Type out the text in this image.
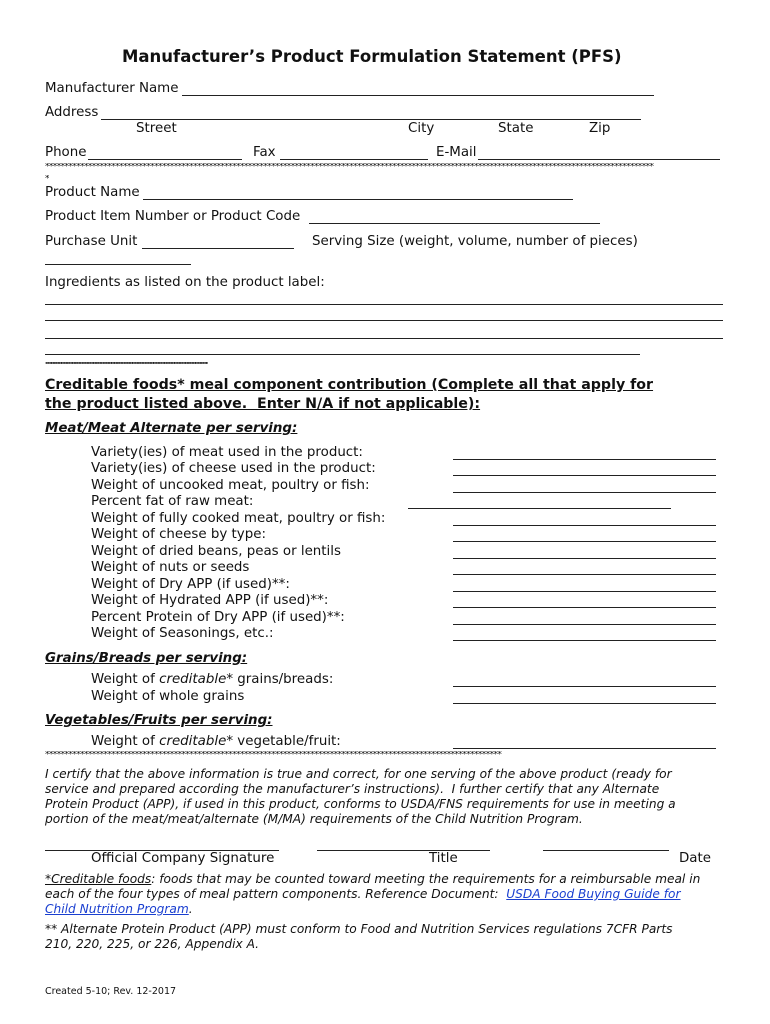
Manufacturer’s Product Formulation Statement (PFS)
Manufacturer Name
Address
Street	City	State	Zip
Phone	Fax	E-Mail
************************************************************************************************************************************************************
*
Product Name
Product Item Number or Product Code
Purchase Unit	Serving Size (weight, volume, number of pieces)
Ingredients as listed on the product label:
''''''''''''''''''''''''''''''''''''''''''''''''''''''''''''''''''''''''''''''''''''''''''''''''''''''''''''''''''''''''''''''''''''''''''''''''''''''''''''''''''''''''''''''''''''''''''''''''''''''''''''''''''''''''''''''''
Creditable foods* meal component contribution (Complete all that apply for
the product listed above.  Enter N/A if not applicable):
Meat/Meat Alternate per serving:
Variety(ies) of meat used in the product:
Variety(ies) of cheese used in the product:
Weight of uncooked meat, poultry or fish:
Percent fat of raw meat:
Weight of fully cooked meat, poultry or fish:
Weight of cheese by type:
Weight of dried beans, peas or lentils
Weight of nuts or seeds
Weight of Dry APP (if used)**:
Weight of Hydrated APP (if used)**:
Percent Protein of Dry APP (if used)**:
Weight of Seasonings, etc.:
Grains/Breads per serving:
Weight of creditable* grains/breads:
Weight of whole grains
Vegetables/Fruits per serving:
Weight of creditable* vegetable/fruit:
*********************************************************************************************************************
I certify that the above information is true and correct, for one serving of the above product (ready for
service and prepared according the manufacturer’s instructions).  I further certify that any Alternate
Protein Product (APP), if used in this product, conforms to USDA/FNS requirements for use in meeting a
portion of the meat/meat/alternate (M/MA) requirements of the Child Nutrition Program.
Official Company Signature	Title	Date
*Creditable foods: foods that may be counted toward meeting the requirements for a reimbursable meal in
each of the four types of meal pattern components. Reference Document:  USDA Food Buying Guide for
Child Nutrition Program.
** Alternate Protein Product (APP) must conform to Food and Nutrition Services regulations 7CFR Parts
210, 220, 225, or 226, Appendix A.
Created 5-10; Rev. 12-2017
